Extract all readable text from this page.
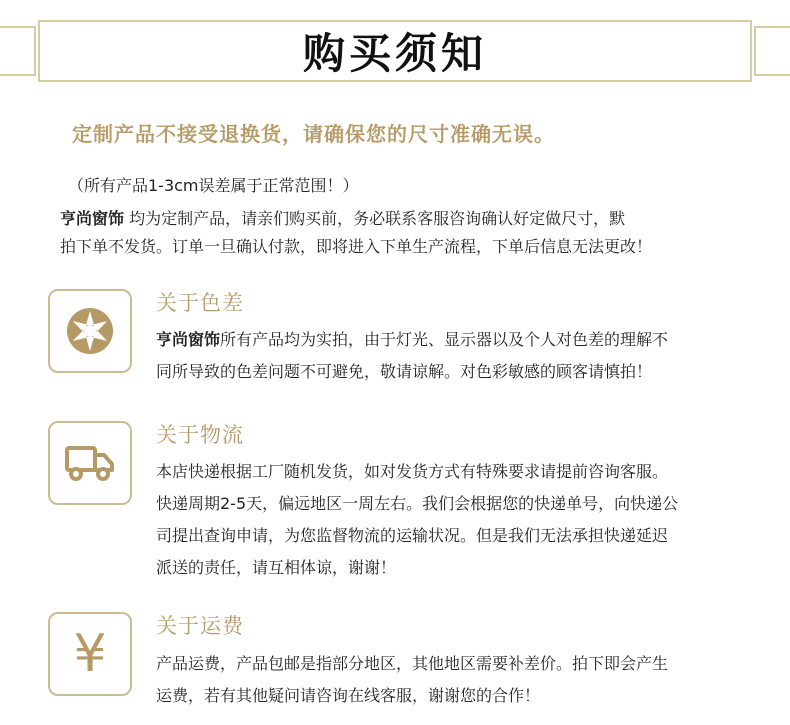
购买须知
定制产品不接受退换货，请确保您的尺寸准确无误。
（所有产品1-3cm误差属于正常范围！）
亨尚窗饰 均为定制产品，请亲们购买前，务必联系客服咨询确认好定做尺寸，默
拍下单不发货。订单一旦确认付款，即将进入下单生产流程，下单后信息无法更改！
关于色差
亨尚窗饰所有产品均为实拍，由于灯光、显示器以及个人对色差的理解不
同所导致的色差问题不可避免，敬请谅解。对色彩敏感的顾客请慎拍！
关于物流
本店快递根据工厂随机发货，如对发货方式有特殊要求请提前咨询客服。
快递周期2-5天，偏远地区一周左右。我们会根据您的快递单号，向快递公
司提出查询申请，为您监督物流的运输状况。但是我们无法承担快递延迟
派送的责任，请互相体谅，谢谢！
¥ 关于运费
产品运费，产品包邮是指部分地区，其他地区需要补差价。拍下即会产生
运费，若有其他疑问请咨询在线客服，谢谢您的合作！
